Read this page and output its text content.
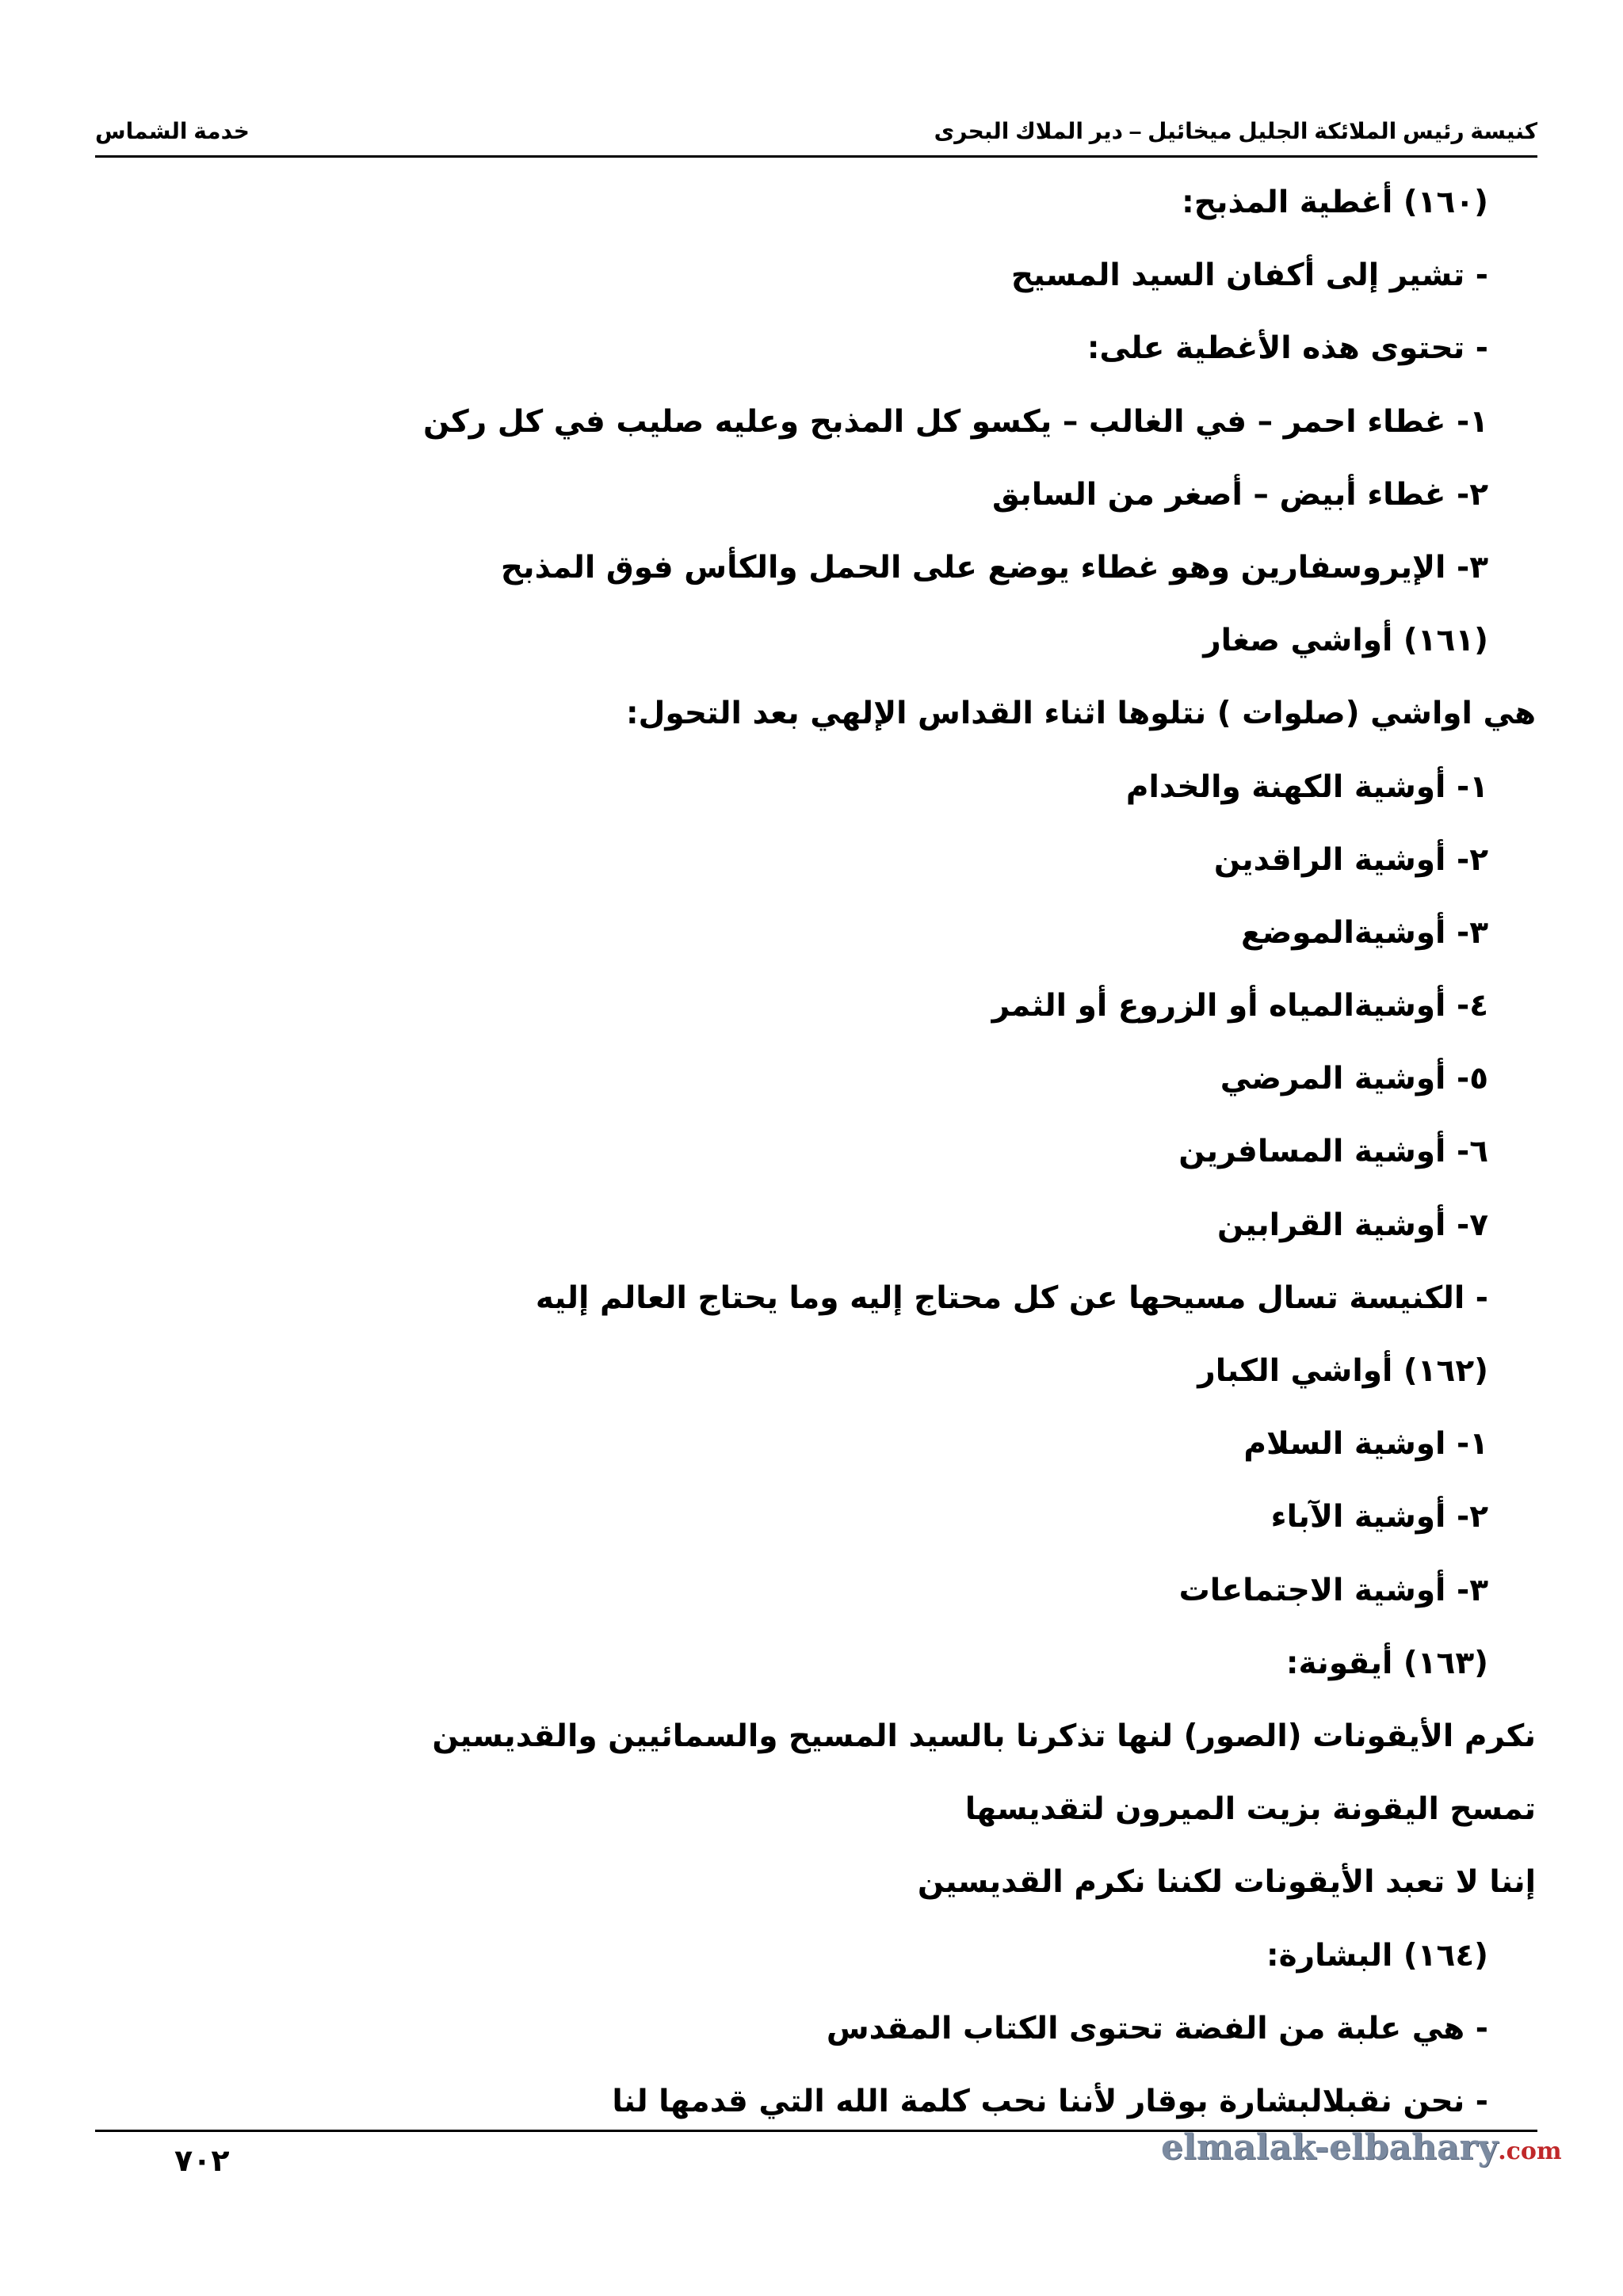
كنيسة رئيس الملائكة الجليل ميخائيل – دير الملاك البحرى
خدمة الشماس
(١٦٠) أغطية المذبح:
- تشير إلى أكفان السيد المسيح
- تحتوى هذه الأغطية على:
١- غطاء احمر – في الغالب – يكسو كل المذبح وعليه صليب في كل ركن
٢- غطاء أبيض – أصغر من السابق
٣- الإيروسفارين وهو غطاء يوضع على الحمل والكأس فوق المذبح
(١٦١) أواشي صغار
هي اواشي (صلوات ) نتلوها اثناء القداس الإلهي بعد التحول:
١- أوشية الكهنة والخدام
٢- أوشية الراقدين
٣- أوشيةالموضع
٤- أوشيةالمياه أو الزروع أو الثمر
٥- أوشية المرضي
٦- أوشية المسافرين
٧- أوشية القرابين
- الكنيسة تسال مسيحها عن كل محتاج إليه وما يحتاج العالم إليه
(١٦٢) أواشي الكبار
١- اوشية السلام
٢- أوشية الآباء
٣- أوشية الاجتماعات
(١٦٣) أيقونة:
نكرم الأيقونات (الصور) لنها تذكرنا بالسيد المسيح والسمائيين والقديسين
تمسح اليقونة بزيت الميرون لتقديسها
إننا لا تعبد الأيقونات لكننا نكرم القديسين
(١٦٤) البشارة:
- هي علبة من الفضة تحتوى الكتاب المقدس
- نحن نقبلالبشارة بوقار لأننا نحب كلمة الله التي قدمها لنا
٧٠٢	elmalak-elbahary.com
